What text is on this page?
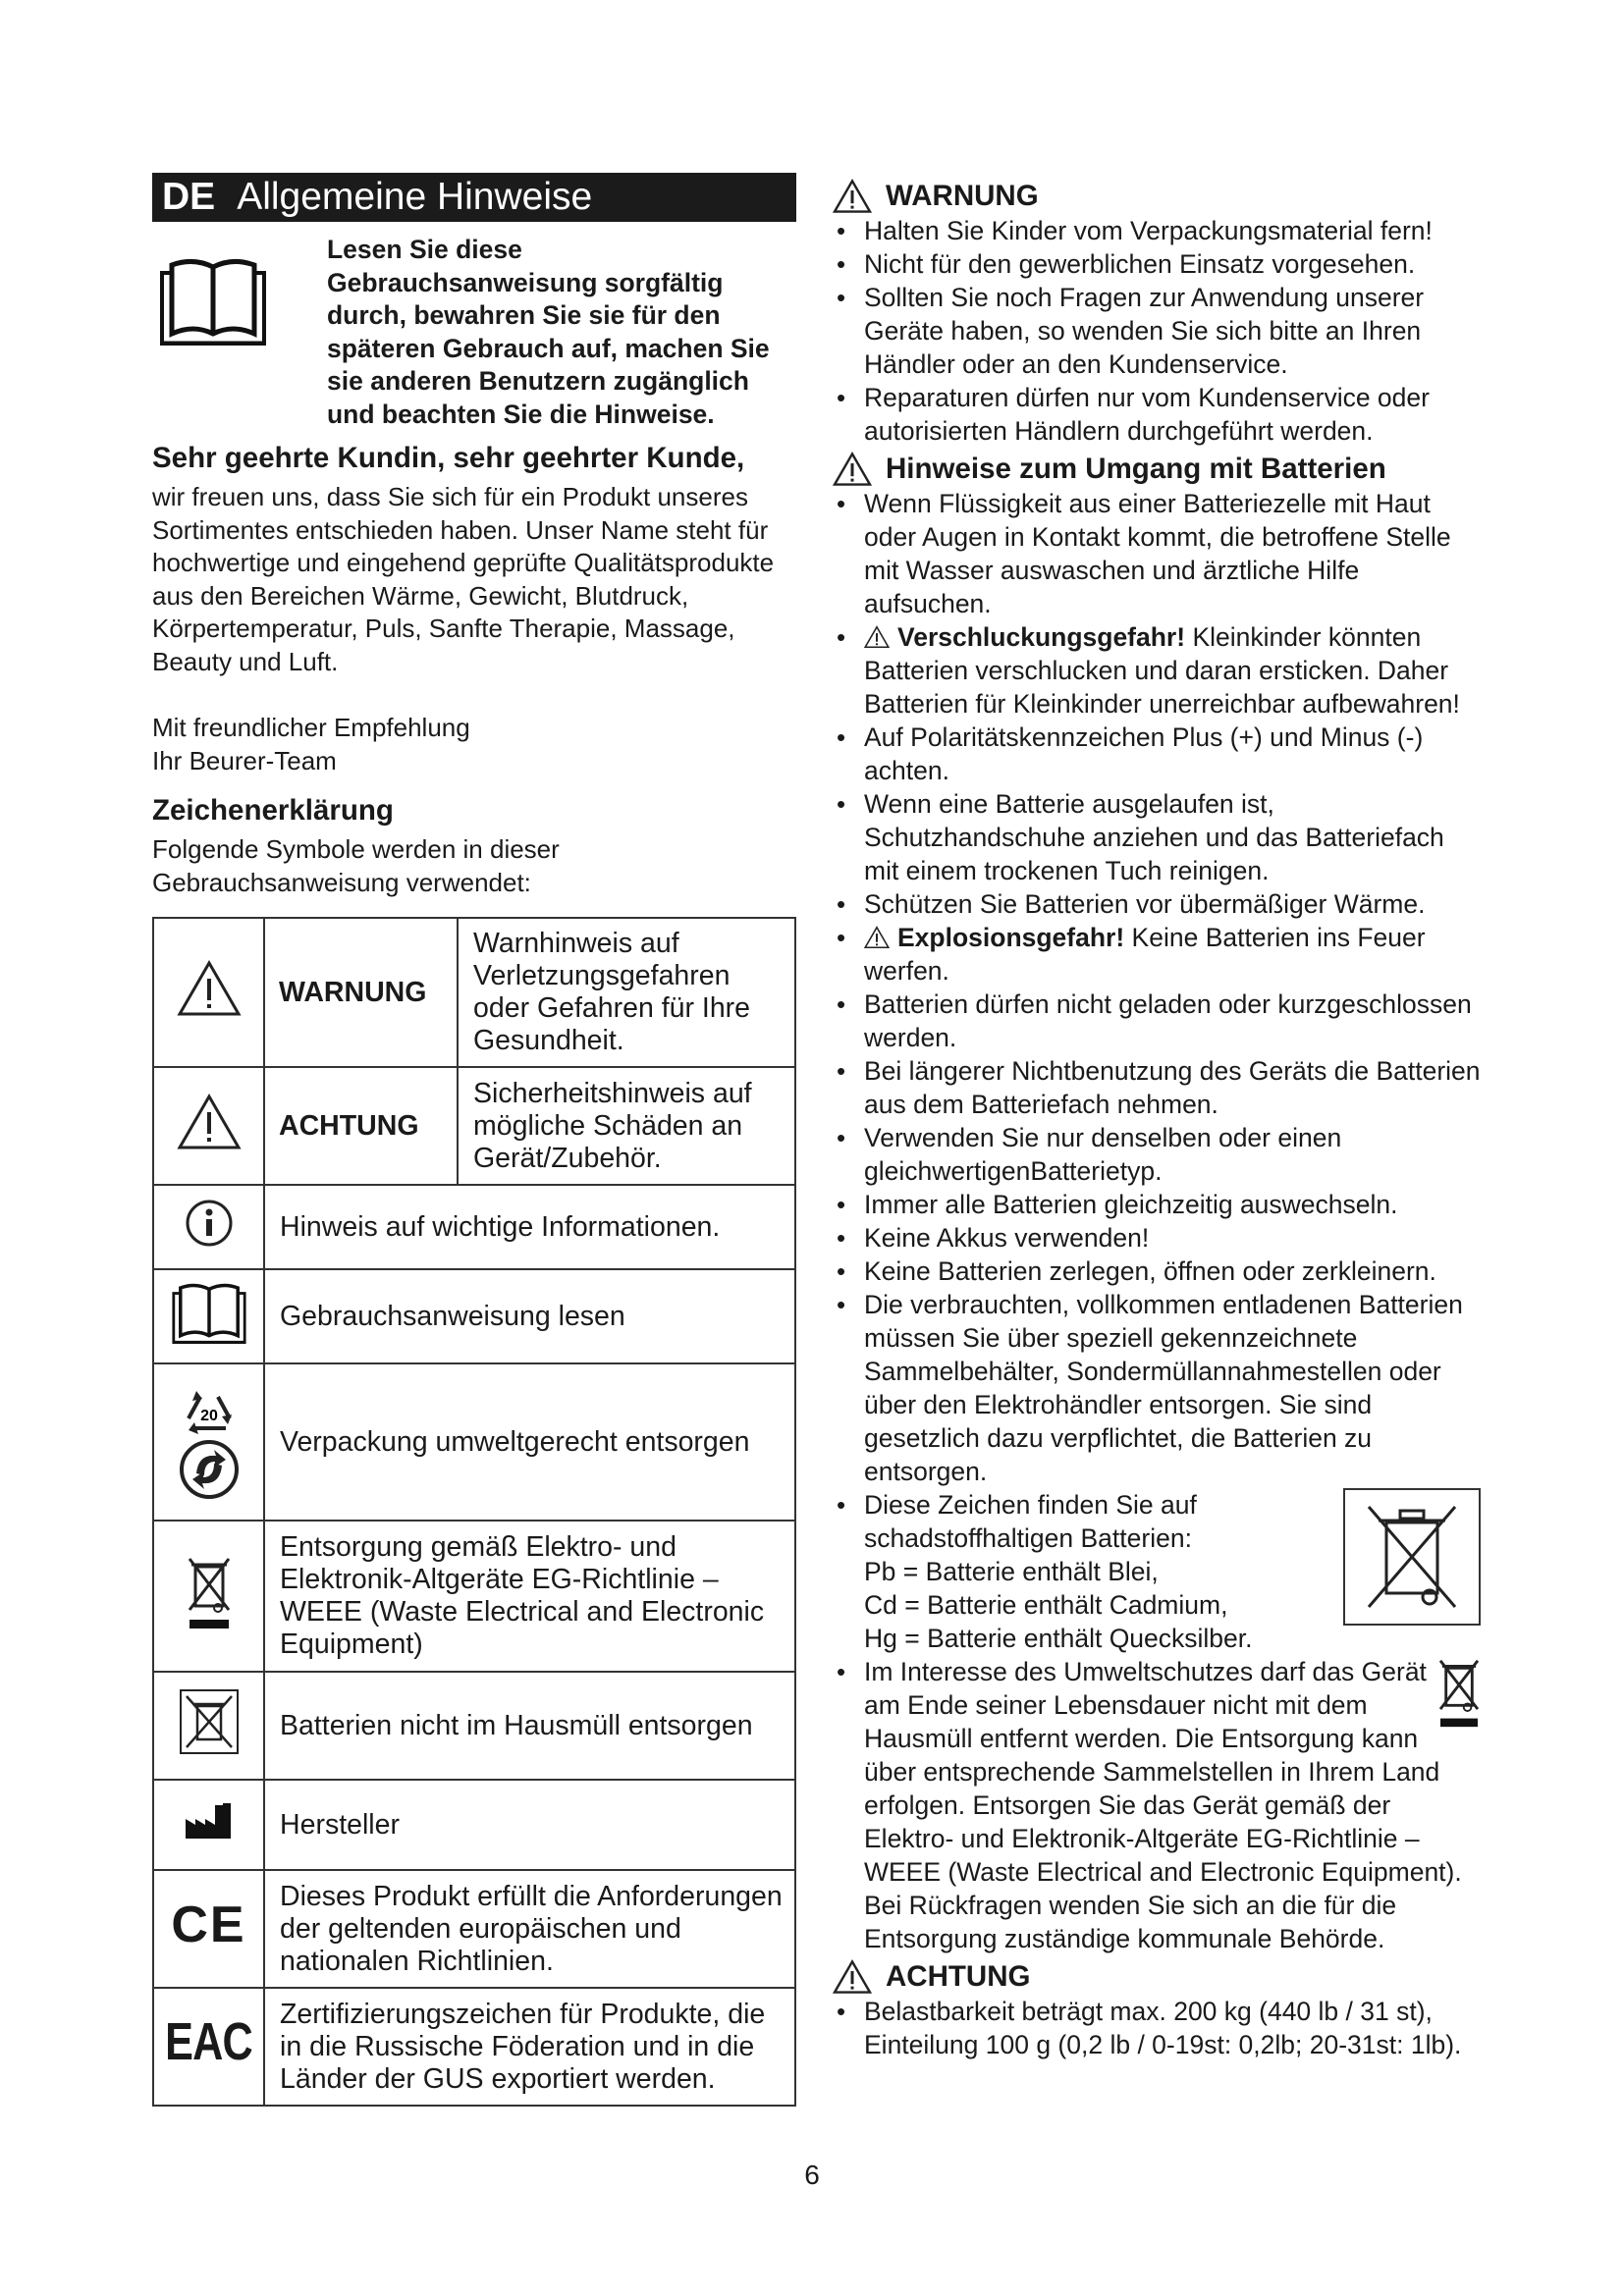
DE Allgemeine Hinweise
Lesen Sie diese Gebrauchsanweisung sorgfältig durch, bewahren Sie sie für den späteren Gebrauch auf, machen Sie sie anderen Benutzern zugänglich und beachten Sie die Hinweise.
Sehr geehrte Kundin, sehr geehrter Kunde,

wir freuen uns, dass Sie sich für ein Produkt unseres Sortimentes entschieden haben. Unser Name steht für hochwertige und eingehend geprüfte Qualitätsprodukte aus den Bereichen Wärme, Gewicht, Blutdruck, Körpertemperatur, Puls, Sanfte Therapie, Massage, Beauty und Luft.

Mit freundlicher Empfehlung

Ihr Beurer-Team

Zeichenerklärung

Folgende Symbole werden in dieser Gebrauchsanweisung verwendet:

	WARNUNG	Warnhinweis auf Verletzungsgefahren oder Gefahren für Ihre Gesundheit.
	ACHTUNG	Sicherheitshinweis auf mögliche Schäden an Gerät/Zubehör.
	Hinweis auf wichtige Informationen.	
	Gebrauchsanweisung lesen	

20	Verpackung umweltgerecht entsorgen	
	Entsorgung gemäß Elektro- und Elektronik-Altgeräte EG-Richtlinie – WEEE (Waste Electrical and Electronic Equipment)	
	Batterien nicht im Hausmüll entsorgen	
	Hersteller	
CE	Dieses Produkt erfüllt die Anforderungen der geltenden europäischen und nationalen Richtlinien.	
EAC	Zertifizierungszeichen für Produkte, die in die Russische Föderation und in die Länder der GUS exportiert werden.	
WARNUNG
• Halten Sie Kinder vom Verpackungsmaterial fern!
• Nicht für den gewerblichen Einsatz vorgesehen.
• Sollten Sie noch Fragen zur Anwendung unserer Geräte haben, so wenden Sie sich bitte an Ihren Händler oder an den Kundenservice.
• Reparaturen dürfen nur vom Kundenservice oder autorisierten Händlern durchgeführt werden.
Hinweise zum Umgang mit Batterien
• Wenn Flüssigkeit aus einer Batteriezelle mit Haut oder Augen in Kontakt kommt, die betroffene Stelle mit Wasser auswaschen und ärztliche Hilfe aufsuchen.
• Verschluckungsgefahr! Kleinkinder könnten Batterien verschlucken und daran ersticken. Daher Batterien für Kleinkinder unerreichbar aufbewahren!
• Auf Polaritätskennzeichen Plus (+) und Minus (-) achten.
• Wenn eine Batterie ausgelaufen ist, Schutzhandschuhe anziehen und das Batteriefach mit einem trockenen Tuch reinigen.
• Schützen Sie Batterien vor übermäßiger Wärme.
• Explosionsgefahr! Keine Batterien ins Feuer werfen.
• Batterien dürfen nicht geladen oder kurzgeschlossen werden.
• Bei längerer Nichtbenutzung des Geräts die Batterien aus dem Batteriefach nehmen.
• Verwenden Sie nur denselben oder einen gleichwertigenBatterietyp.
• Immer alle Batterien gleichzeitig auswechseln.
• Keine Akkus verwenden!
• Keine Batterien zerlegen, öffnen oder zerkleinern.
• Die verbrauchten, vollkommen entladenen Batterien müssen Sie über speziell gekennzeichnete Sammelbehälter, Sondermüllannahmestellen oder über den Elektrohändler entsorgen. Sie sind gesetzlich dazu verpflichtet, die Batterien zu entsorgen.
• Diese Zeichen finden Sie auf schadstoffhaltigen Batterien:
Pb = Batterie enthält Blei,
Cd = Batterie enthält Cadmium,
Hg = Batterie enthält Quecksilber.
• Im Interesse des Umweltschutzes darf das Gerät am Ende seiner Lebensdauer nicht mit dem Hausmüll entfernt werden. Die Entsorgung kann über entsprechende Sammelstellen in Ihrem Land erfolgen. Entsorgen Sie das Gerät gemäß der Elektro- und Elektronik-Altgeräte EG-Richtlinie – WEEE (Waste Electrical and Electronic Equipment). Bei Rückfragen wenden Sie sich an die für die Entsorgung zuständige kommunale Behörde.
ACHTUNG
• Belastbarkeit beträgt max. 200 kg (440 lb / 31 st), Einteilung 100 g (0,2 lb / 0-19st: 0,2lb; 20-31st: 1lb).
6
